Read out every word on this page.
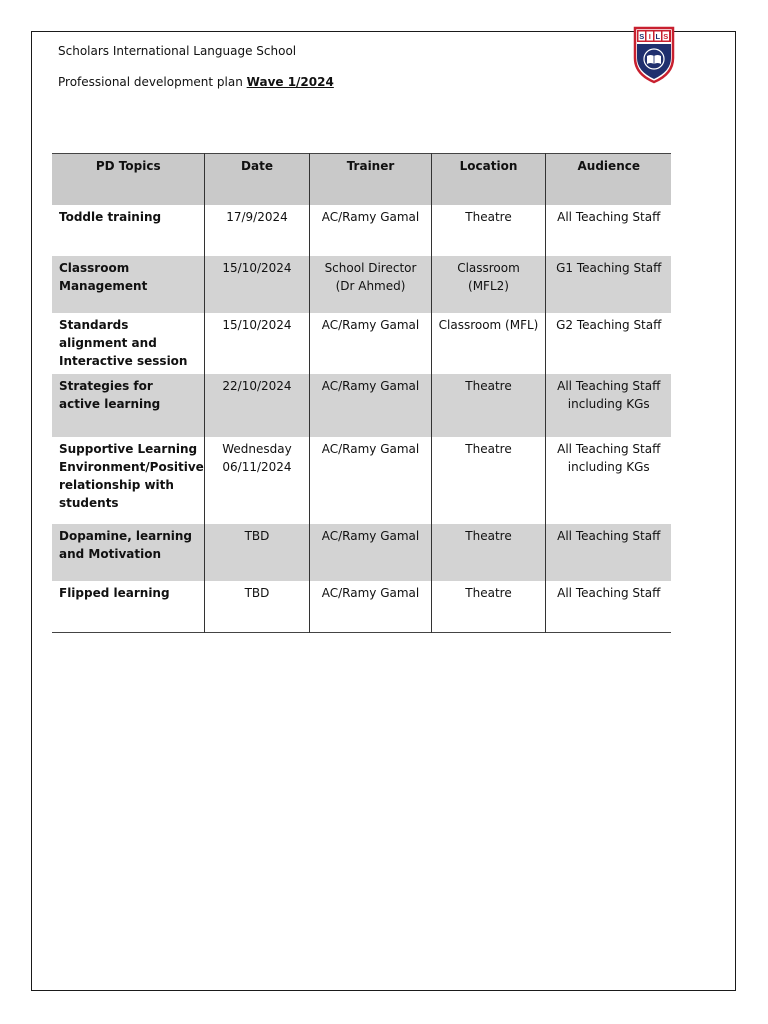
Scholars International Language School
Professional development plan Wave 1/2024
S I L S
PD Topics	Date	Trainer	Location	Audience
Toddle training	17/9/2024	AC/Ramy Gamal	Theatre	All Teaching Staff
Classroom Management	15/10/2024	School Director (Dr Ahmed)	Classroom (MFL2)	G1 Teaching Staff
Standards alignment and Interactive session	15/10/2024	AC/Ramy Gamal	Classroom (MFL)	G2 Teaching Staff
Strategies for active learning	22/10/2024	AC/Ramy Gamal	Theatre	All Teaching Staff including KGs
Supportive Learning Environment/Positive relationship with students	Wednesday 06/11/2024	AC/Ramy Gamal	Theatre	All Teaching Staff including KGs
Dopamine, learning and Motivation	TBD	AC/Ramy Gamal	Theatre	All Teaching Staff
Flipped learning	TBD	AC/Ramy Gamal	Theatre	All Teaching Staff
